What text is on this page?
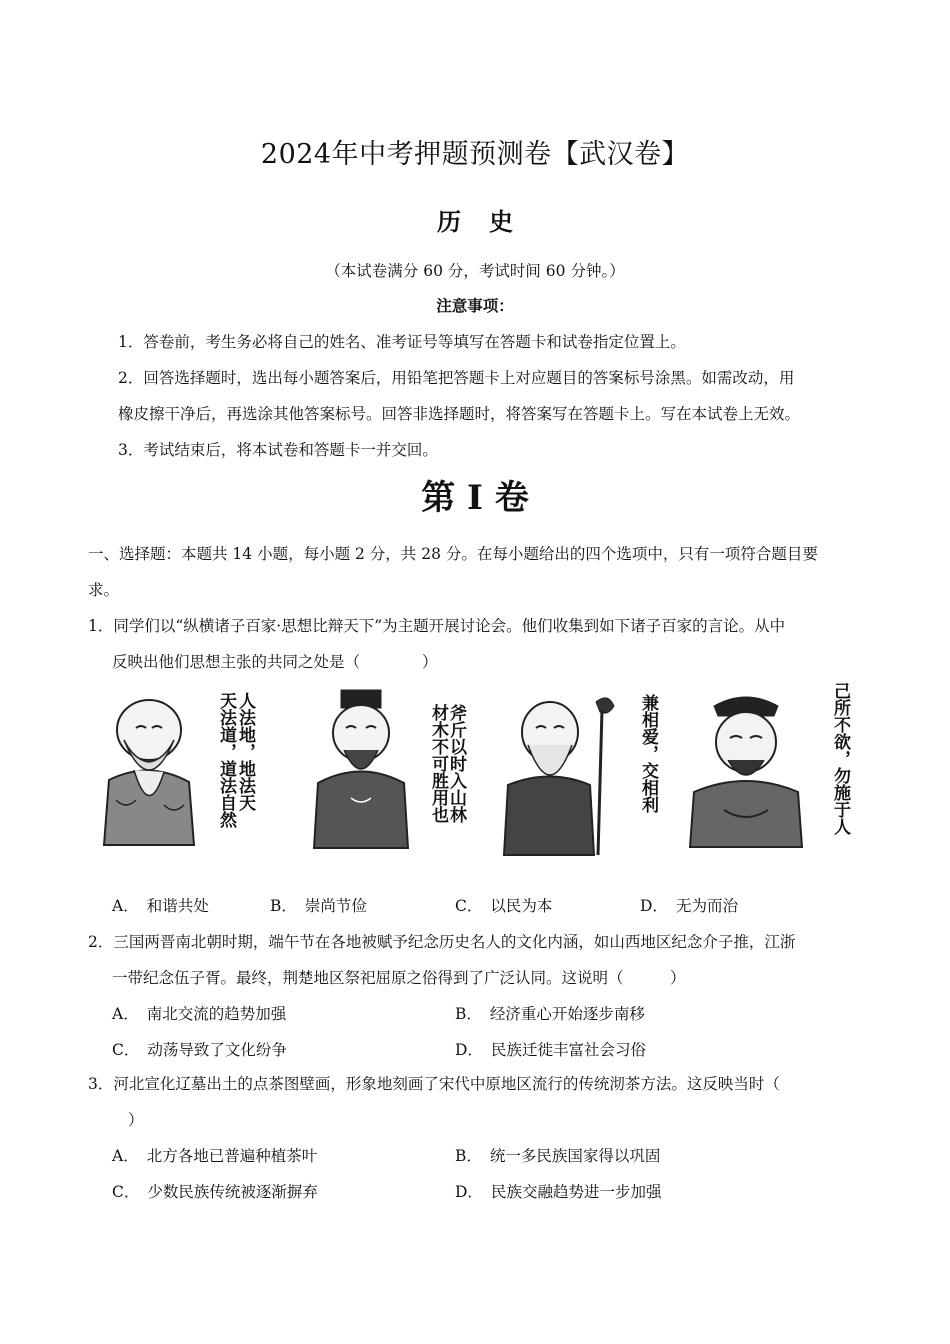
2024年中考押题预测卷【武汉卷】
历史
（本试卷满分 60 分，考试时间 60 分钟。）
注意事项：
1．答卷前，考生务必将自己的姓名、准考证号等填写在答题卡和试卷指定位置上。
2．回答选择题时，选出每小题答案后，用铅笔把答题卡上对应题目的答案标号涂黑。如需改动，用
橡皮擦干净后，再选涂其他答案标号。回答非选择题时，将答案写在答题卡上。写在本试卷上无效。
3．考试结束后，将本试卷和答题卡一并交回。
第 I 卷
一、选择题：本题共 14 小题，每小题 2 分，共 28 分。在每小题给出的四个选项中，只有一项符合题目要
求。
1．同学们以“纵横诸子百家·思想比辩天下”为主题开展讨论会。他们收集到如下诸子百家的言论。从中
反映出他们思想主张的共同之处是（　　　　）
天法道，道法自然 人法地，地法天	材木不可胜用也
斧斤以时入山林	兼相爱，交相利	己所不欲，勿施于人
A． 和谐共处	B． 崇尚节俭	C． 以民为本	D． 无为而治
2．三国两晋南北朝时期，端午节在各地被赋予纪念历史名人的文化内涵，如山西地区纪念介子推，江浙
一带纪念伍子胥。最终，荆楚地区祭祀屈原之俗得到了广泛认同。这说明（　　　）
A． 南北交流的趋势加强	B． 经济重心开始逐步南移
C． 动荡导致了文化纷争	D． 民族迁徙丰富社会习俗
3．河北宣化辽墓出土的点茶图壁画，形象地刻画了宋代中原地区流行的传统沏茶方法。这反映当时（
）
A． 北方各地已普遍种植茶叶	B． 统一多民族国家得以巩固
C． 少数民族传统被逐渐摒弃	D． 民族交融趋势进一步加强
